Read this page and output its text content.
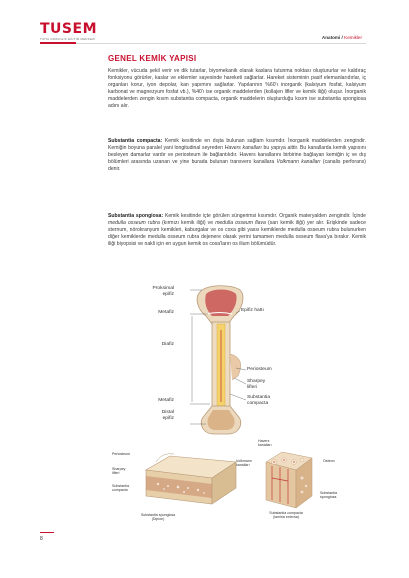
TUSEM
TIPTA UZMANLIK EĞİTİM MERKEZİ	Anatomi / Kemikler
GENEL KEMİK YAPISI
Kemikler, vücuda şekil verir ve dik tutarlar, biyomekanik olarak kaslara tutunma noktası oluştururlar ve kaldıraç fonksiyonu görürler, kaslar ve eklemler sayesinde hareketi sağlarlar. Hareket sisteminin pasif elemanlarıdırlar, iç organları korur, iyon depolar, kan yapımını sağlarlar. Yapılarının %60'ı inorganik (kalsiyum fosfat, kalsiyum karbonat ve magnezyum fosfat vb.), %40'ı ise organik maddelerden (kollajen lifler ve kemik iliği) oluşur. İnorganik maddelerden zengin kısım substantia compacta, organik maddelerin oluşturduğu kısım ise substantia spongiosa adını alır.
Substantia compacta: Kemik kesitinde en dışta bulunan sağlam kısımdır. İnorganik maddelerden zengindir. Kemiğin boyuna paralel yani longitudinal seyreden Havers kanalları bu yapıya aittir. Bu kanallarda kemik yapısını besleyen damarlar vardır ve periosteum ile bağlantılıdır. Havers kanallarını birbirine bağlayan kemiğin iç ve dış bölümleri arasında uzanan ve yine burada bulunan transvers kanallara Volkmann kanalları (canalis perforans) denir.
Substantia spongiosa: Kemik kesitinde içte görülen süngerimsi kısımdır. Organik materyalden zengindir. İçinde medulla osseum rubra (kırmızı kemik iliği) ve medulla osseum flava (sarı kemik iliği) yer alır. Erişkinde sadece sternum, nörokranyum kemikleri, kaburgalar ve os coxa gibi yassı kemiklerde medulla osseum rubra bulunurken diğer kemiklerde medulla osseum rubra dejenere olarak yerini tamamen medulla osseum flava'ya bırakır. Kemik iliği biyopsisi ve nakli için en uygun kemik os coxa'ların os ilium bölümüdür.
Proksimal
epifiz
Metafiz
Diafiz
Metafiz
Distal
epifiz
Epifiz hattı
Periosteum
Sharpey
lifleri
Substantia
compacta
Periosteum
Sharpey
lifleri
Substantia
compacta
Substantia spongiosa
(Diploe)
Havers
kanalları
Volkmann
kanalları
Osteon
Substantia
spongiosa
Substantia compacta
(lamina externa)
8
